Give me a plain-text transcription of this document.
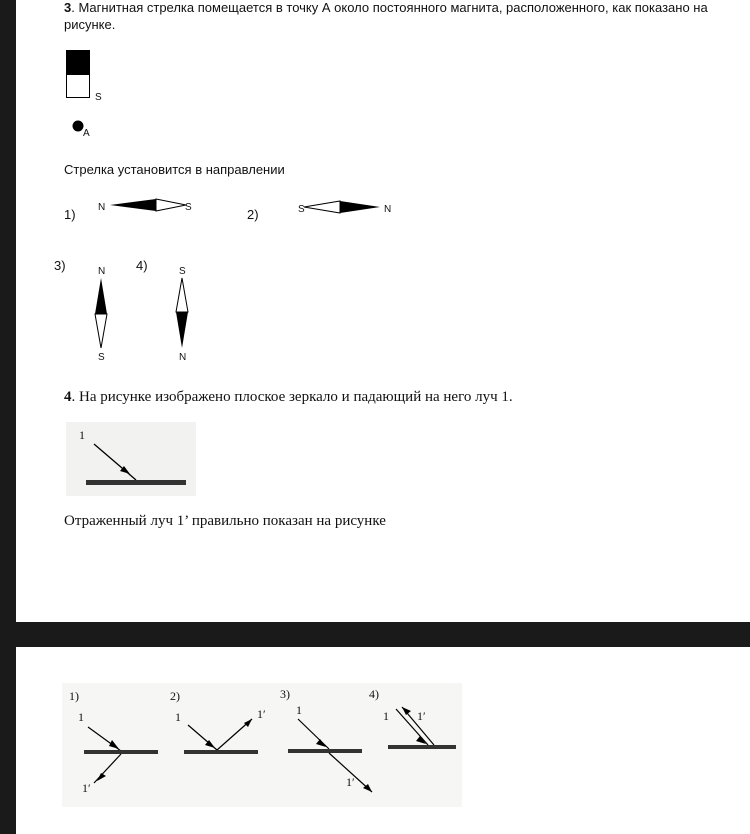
3. Магнитная стрелка помещается в точку А около постоянного магнита, расположенного, как показано на
рисунке.
S
A
Стрелка установится в направлении
1) N	S	2)	S	N
3)	N
S
4)	S
N
4. На рисунке изображено плоское зеркало и падающий на него луч 1.
1
Отраженный луч 1’ правильно показан на рисунке
1)
1
1′
2)
1	1′
3)
1
1′
4)
1 1′
